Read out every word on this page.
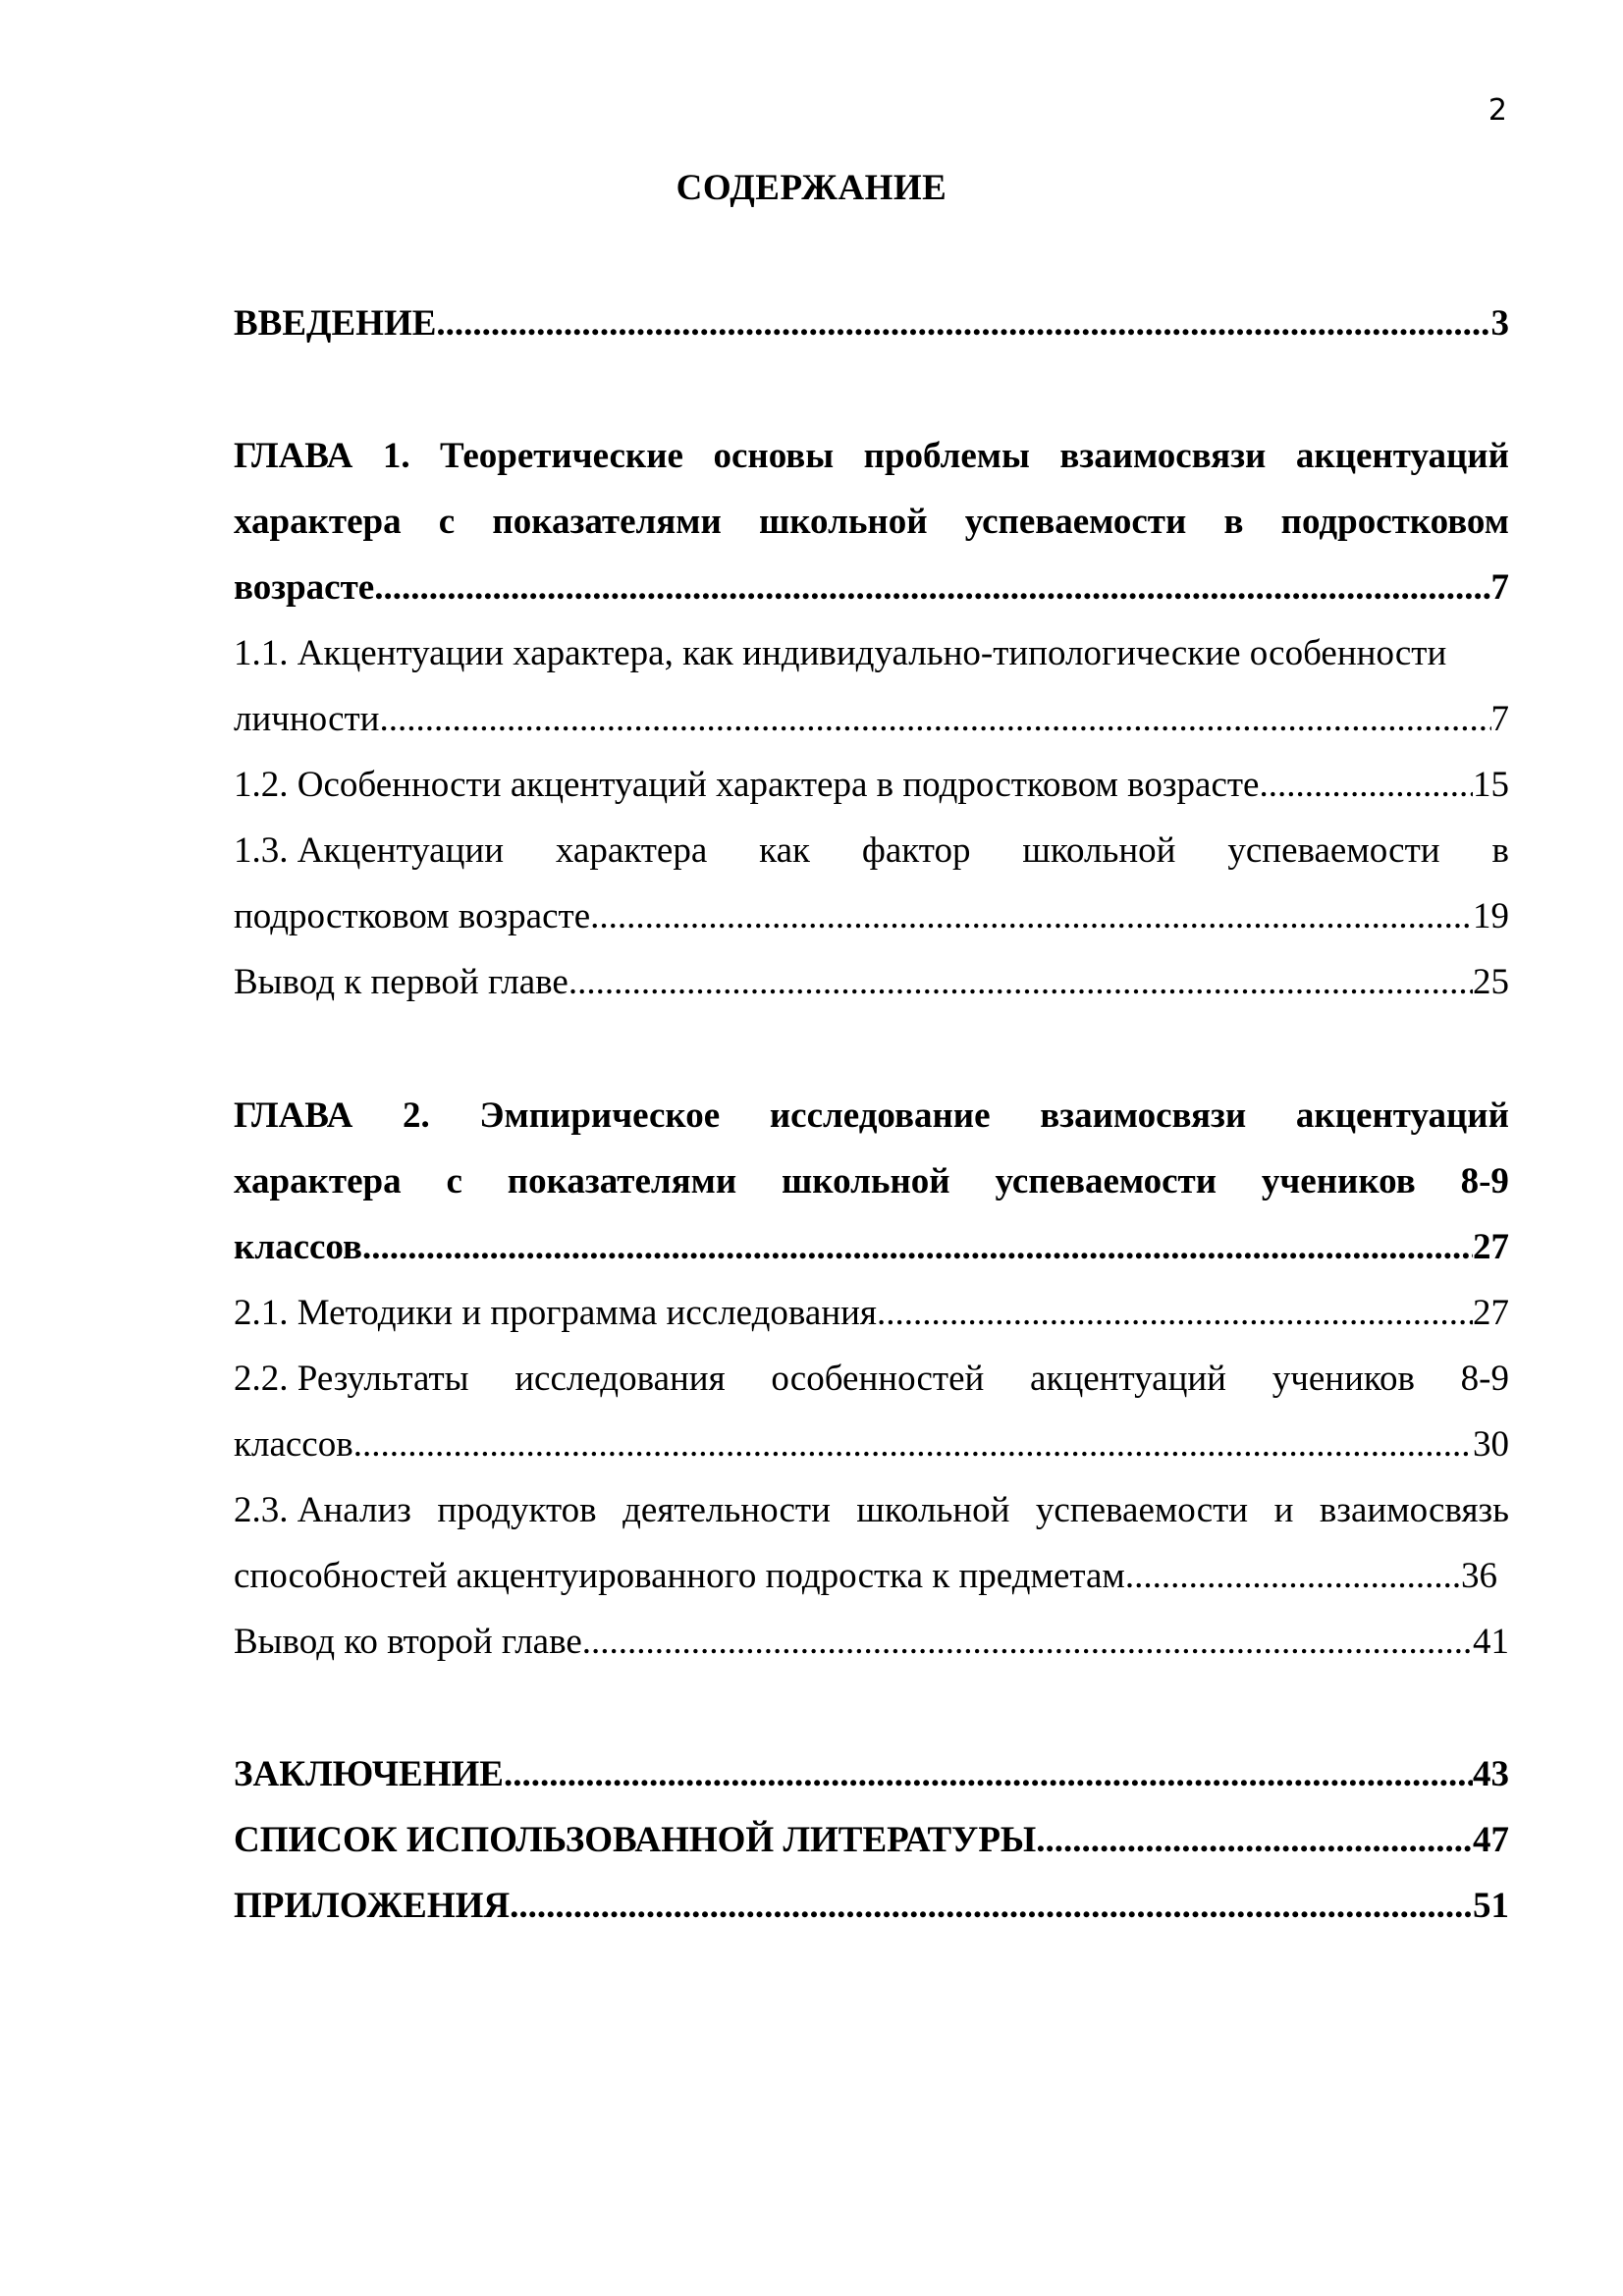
2
СОДЕРЖАНИЕ
ВВЕДЕНИЕ .....	3
ГЛАВА 1. Теоретические основы проблемы взаимосвязи акцентуаций
характера с показателями школьной успеваемости в подростковом
возрасте .....	7
1.1. Акцентуации характера, как индивидуально-типологические особенности
личности .....	7
1.2. Особенности акцентуаций характера в подростковом возрасте .....	15
1.3. Акцентуации характера как фактор школьной успеваемости в
подростковом возрасте .....	19
Вывод к первой главе .....	25
ГЛАВА 2. Эмпирическое исследование взаимосвязи акцентуаций
характера с показателями школьной успеваемости учеников 8-9
классов .....	27
2.1. Методики и программа исследования .....	27
2.2. Результаты исследования особенностей акцентуаций учеников 8-9
классов .....	30
2.3. Анализ продуктов деятельности школьной успеваемости и взаимосвязь
способностей акцентуированного подростка к предметам .....	36
Вывод ко второй главе .....	41
ЗАКЛЮЧЕНИЕ .....	43
СПИСОК ИСПОЛЬЗОВАННОЙ ЛИТЕРАТУРЫ .....	47
ПРИЛОЖЕНИЯ .....	51
